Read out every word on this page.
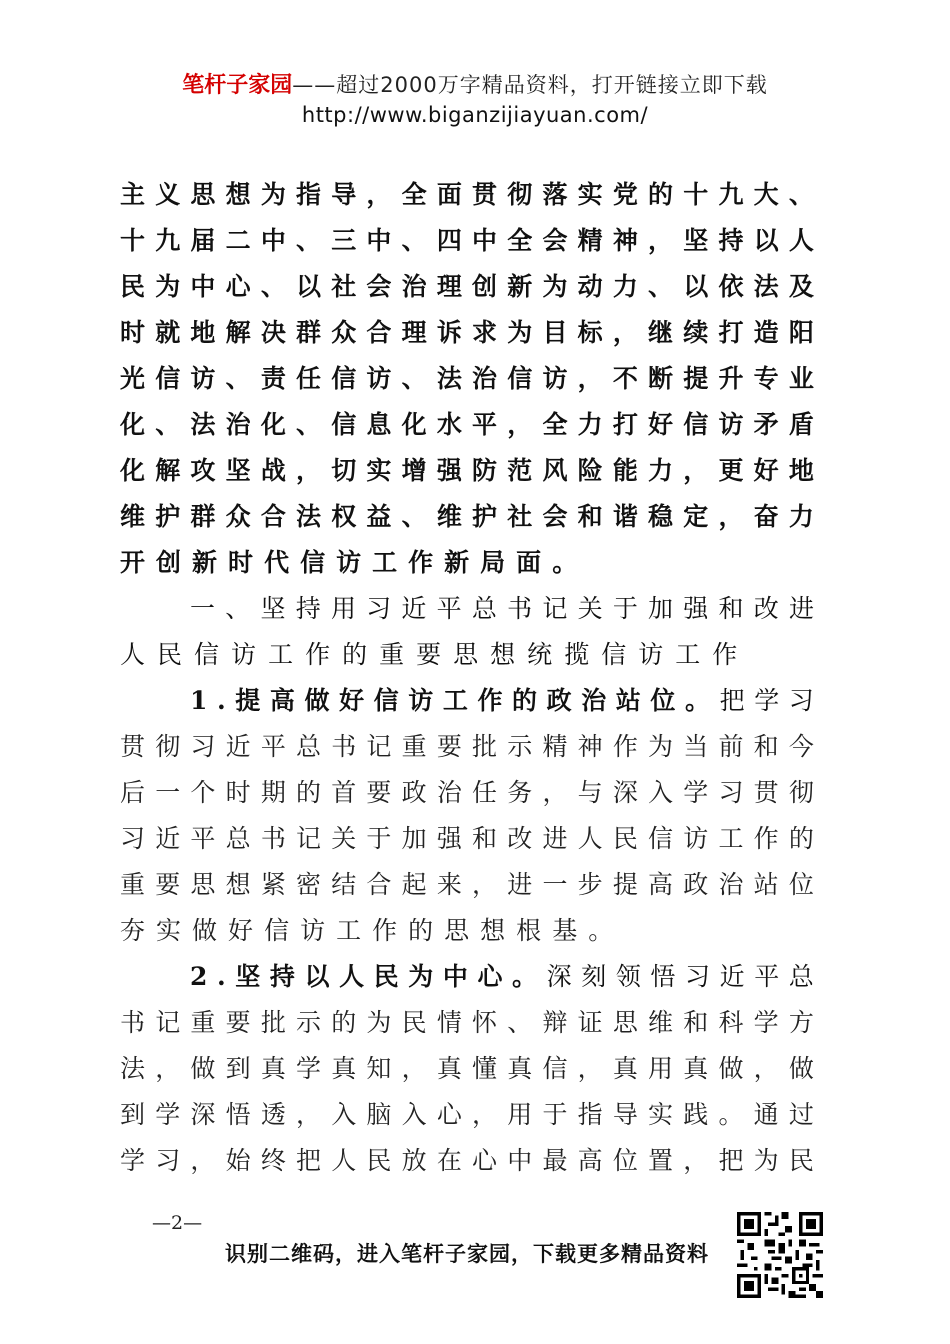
笔杆子家园——超过2000万字精品资料，打开链接立即下载
http://www.biganzijiayuan.com/
主 义 思 想 为 指 导 ， 全 面 贯 彻 落 实 党 的 十 九 大 、
十 九 届 二 中 、 三 中 、 四 中 全 会 精 神 ， 坚 持 以 人
民 为 中 心 、 以 社 会 治 理 创 新 为 动 力 、 以 依 法 及
时 就 地 解 决 群 众 合 理 诉 求 为 目 标 ， 继 续 打 造 阳
光 信 访 、 责 任 信 访 、 法 治 信 访 ， 不 断 提 升 专 业
化 、 法 治 化 、 信 息 化 水 平 ， 全 力 打 好 信 访 矛 盾
化 解 攻 坚 战 ， 切 实 增 强 防 范 风 险 能 力 ， 更 好 地
维 护 群 众 合 法 权 益 、 维 护 社 会 和 谐 稳 定 ， 奋 力
开 创 新 时 代 信 访 工 作 新 局 面 。
一 、 坚 持 用 习 近 平 总 书 记 关 于 加 强 和 改 进
人 民 信 访 工 作 的 重 要 思 想 统 揽 信 访 工 作
1 . 提 高 做 好 信 访 工 作 的 政 治 站 位 。 把 学 习
贯 彻 习 近 平 总 书 记 重 要 批 示 精 神 作 为 当 前 和 今
后 一 个 时 期 的 首 要 政 治 任 务 ， 与 深 入 学 习 贯 彻
习 近 平 总 书 记 关 于 加 强 和 改 进 人 民 信 访 工 作 的
重 要 思 想 紧 密 结 合 起 来 ， 进 一 步 提 高 政 治 站 位
夯 实 做 好 信 访 工 作 的 思 想 根 基 。
2 . 坚 持 以 人 民 为 中 心 。 深 刻 领 悟 习 近 平 总
书 记 重 要 批 示 的 为 民 情 怀 、 辩 证 思 维 和 科 学 方
法 ， 做 到 真 学 真 知 ， 真 懂 真 信 ， 真 用 真 做 ， 做
到 学 深 悟 透 ， 入 脑 入 心 ， 用 于 指 导 实 践 。 通 过
学 习 ， 始 终 把 人 民 放 在 心 中 最 高 位 置 ， 把 为 民
—2—
识别二维码，进入笔杆子家园，下载更多精品资料
